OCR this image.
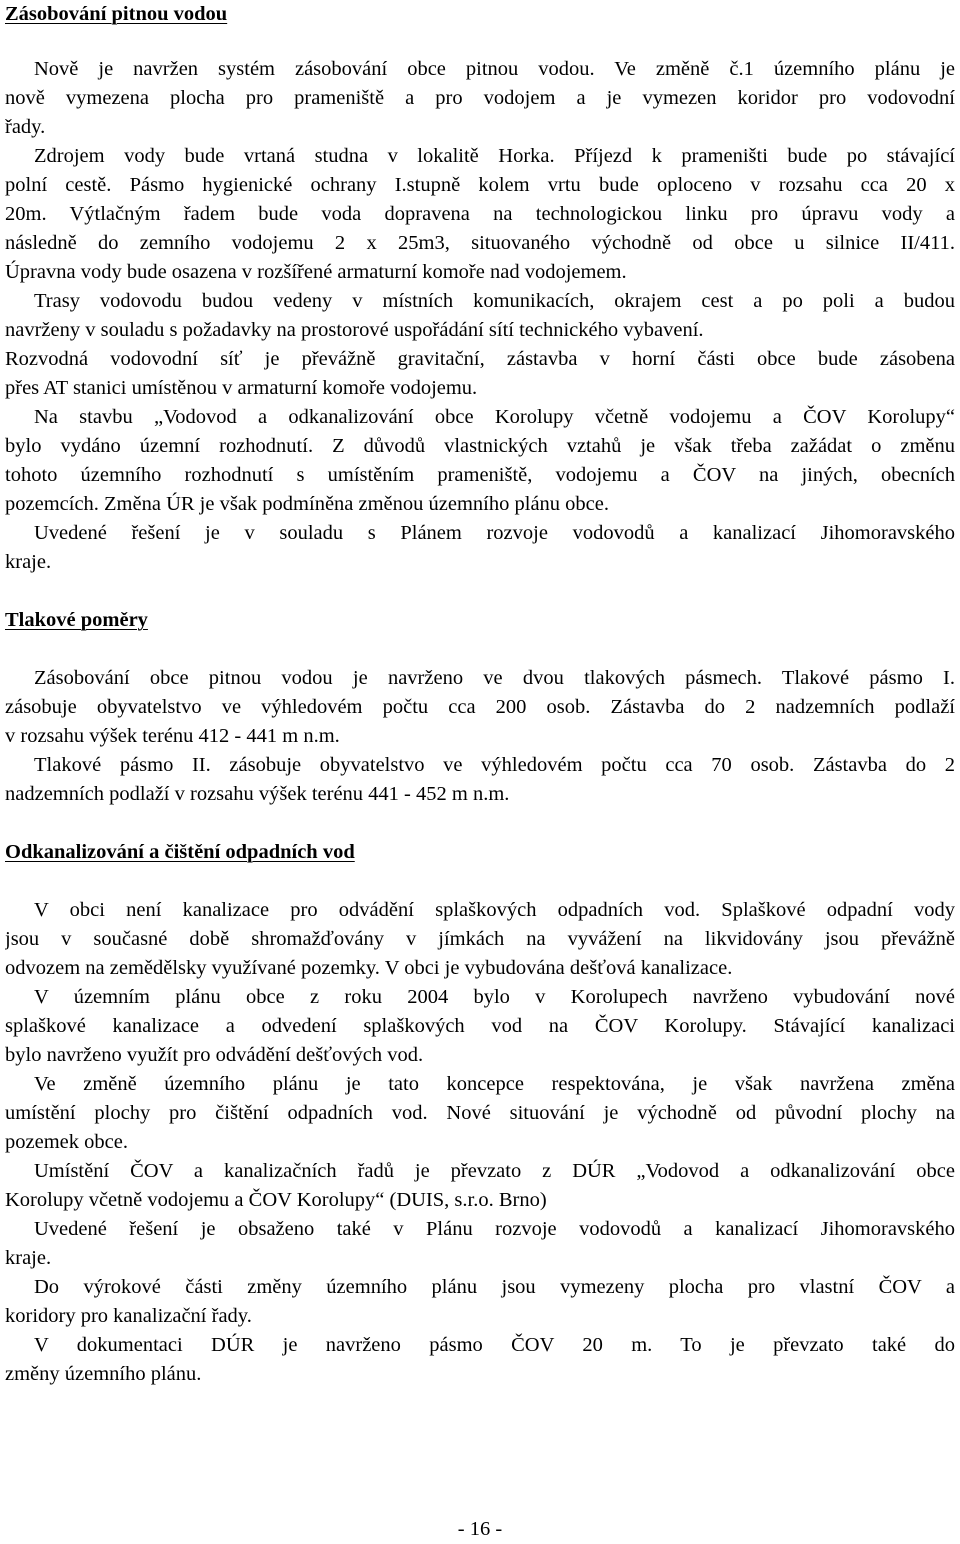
Zásobování pitnou vodou
Nově je navržen systém zásobování obce pitnou vodou. Ve změně č.1 územního plánu je
nově vymezena plocha pro prameniště a pro vodojem a je vymezen koridor pro vodovodní
řady.
Zdrojem vody bude vrtaná studna v lokalitě Horka. Příjezd k prameništi bude po stávající
polní cestě. Pásmo hygienické ochrany I.stupně kolem vrtu bude oploceno v rozsahu cca 20 x
20m. Výtlačným řadem bude voda dopravena na technologickou linku pro úpravu vody a
následně do zemního vodojemu 2 x 25m3, situovaného východně od obce u silnice II/411.
Úpravna vody bude osazena v rozšířené armaturní komoře nad vodojemem.
Trasy vodovodu budou vedeny v místních komunikacích, okrajem cest a po poli a budou
navrženy v souladu s požadavky na prostorové uspořádání sítí technického vybavení.
Rozvodná vodovodní síť je převážně gravitační, zástavba v horní části obce bude zásobena
přes AT stanici umístěnou v armaturní komoře vodojemu.
Na stavbu „Vodovod a odkanalizování obce Korolupy včetně vodojemu a ČOV Korolupy“
bylo vydáno územní rozhodnutí. Z důvodů vlastnických vztahů je však třeba zažádat o změnu
tohoto územního rozhodnutí s umístěním prameniště, vodojemu a ČOV na jiných, obecních
pozemcích. Změna ÚR je však podmíněna změnou územního plánu obce.
Uvedené řešení je v souladu s Plánem rozvoje vodovodů a kanalizací Jihomoravského
kraje.
Tlakové poměry
Zásobování obce pitnou vodou je navrženo ve dvou tlakových pásmech. Tlakové pásmo I.
zásobuje obyvatelstvo ve výhledovém počtu cca 200 osob. Zástavba do 2 nadzemních podlaží
v rozsahu výšek terénu 412 - 441 m n.m.
Tlakové pásmo II. zásobuje obyvatelstvo ve výhledovém počtu cca 70 osob. Zástavba do 2
nadzemních podlaží v rozsahu výšek terénu 441 - 452 m n.m.
Odkanalizování a čištění odpadních vod
V obci není kanalizace pro odvádění splaškových odpadních vod. Splaškové odpadní vody
jsou v současné době shromažďovány v jímkách na vyvážení na likvidovány jsou převážně
odvozem na zemědělsky využívané pozemky. V obci je vybudována dešťová kanalizace.
V územním plánu obce z roku 2004 bylo v Korolupech navrženo vybudování nové
splaškové kanalizace a odvedení splaškových vod na ČOV Korolupy. Stávající kanalizaci
bylo navrženo využít pro odvádění dešťových vod.
Ve změně územního plánu je tato koncepce respektována, je však navržena změna
umístění plochy pro čištění odpadních vod. Nové situování je východně od původní plochy na
pozemek obce.
Umístění ČOV a kanalizačních řadů je převzato z DÚR „Vodovod a odkanalizování obce
Korolupy včetně vodojemu a ČOV Korolupy“ (DUIS, s.r.o. Brno)
Uvedené řešení je obsaženo také v Plánu rozvoje vodovodů a kanalizací Jihomoravského
kraje.
Do výrokové části změny územního plánu jsou vymezeny plocha pro vlastní ČOV a
koridory pro kanalizační řady.
V dokumentaci DÚR je navrženo pásmo ČOV 20 m. To je převzato také do
změny územního plánu.
- 16 -
